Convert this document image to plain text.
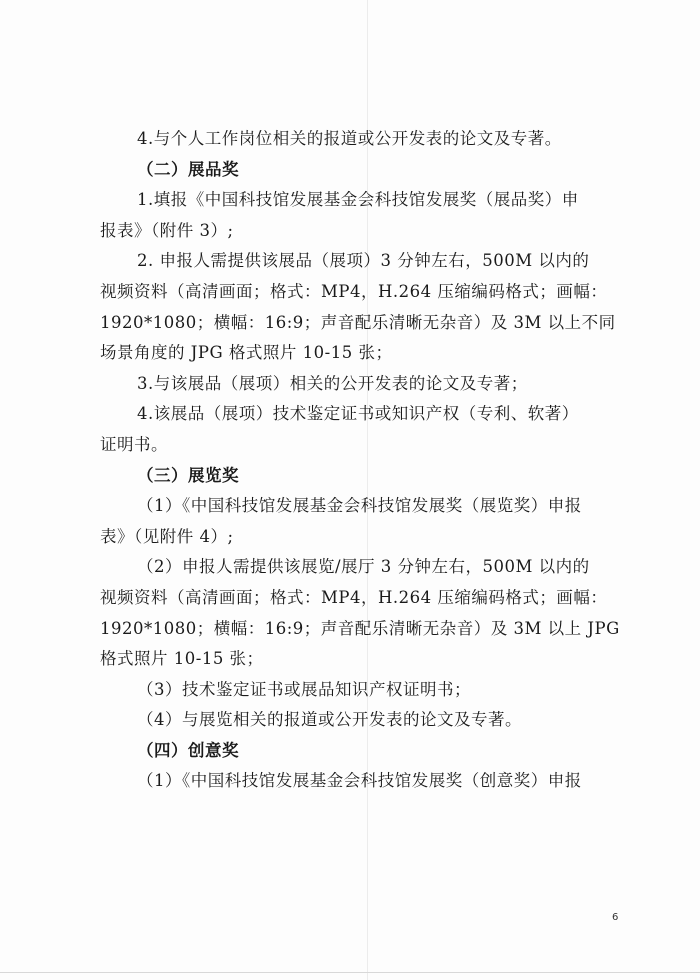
4.与个人工作岗位相关的报道或公开发表的论文及专著。
（二）展品奖
1.填报《中国科技馆发展基金会科技馆发展奖（展品奖）申
报表》（附件 3）;
2. 申报人需提供该展品（展项）3 分钟左右，500M 以内的
视频资料（高清画面；格式：MP4，H.264 压缩编码格式；画幅：
1920*1080；横幅：16:9；声音配乐清晰无杂音）及 3M 以上不同
场景角度的 JPG 格式照片 10-15 张；
3.与该展品（展项）相关的公开发表的论文及专著；
4.该展品（展项）技术鉴定证书或知识产权（专利、软著）
证明书。
（三）展览奖
（1）《中国科技馆发展基金会科技馆发展奖（展览奖）申报
表》（见附件 4）;
（2）申报人需提供该展览/展厅 3 分钟左右，500M 以内的
视频资料（高清画面；格式：MP4，H.264 压缩编码格式；画幅：
1920*1080；横幅：16:9；声音配乐清晰无杂音）及 3M 以上 JPG
格式照片 10-15 张；
（3）技术鉴定证书或展品知识产权证明书；
（4）与展览相关的报道或公开发表的论文及专著。
（四）创意奖
（1）《中国科技馆发展基金会科技馆发展奖（创意奖）申报
6
